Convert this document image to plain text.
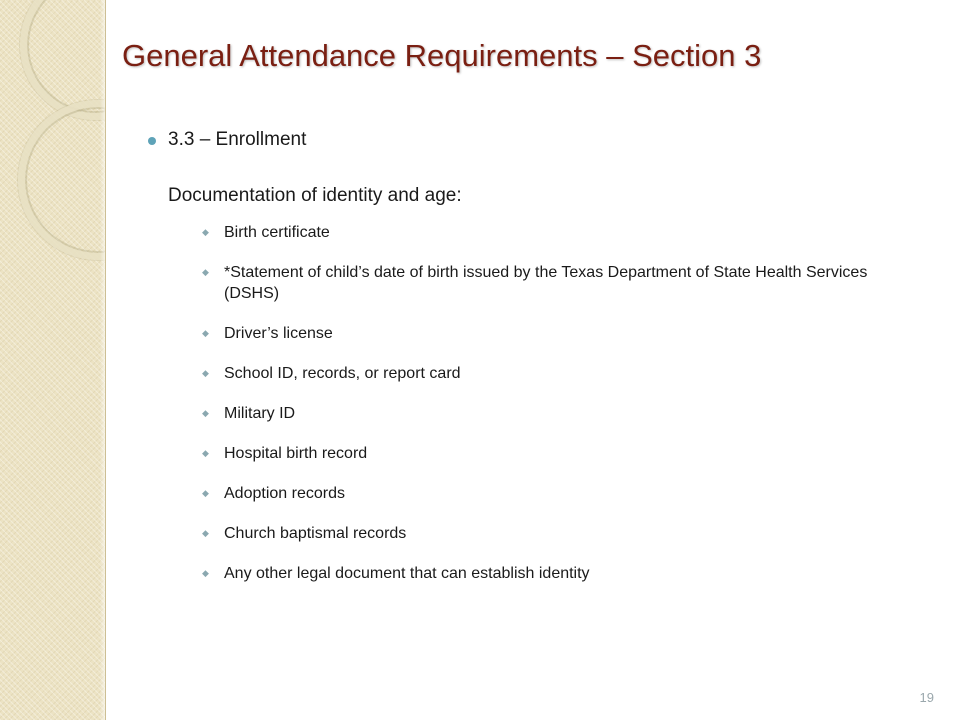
General Attendance Requirements – Section 3

3.3 – Enrollment

Documentation of identity and age:

◆ Birth certificate
◆ *Statement of child’s date of birth issued by the Texas Department of State Health Services (DSHS)
◆ Driver’s license
◆ School ID, records, or report card
◆ Military ID
◆ Hospital birth record
◆ Adoption records
◆ Church baptismal records
◆ Any other legal document that can establish identity
19
